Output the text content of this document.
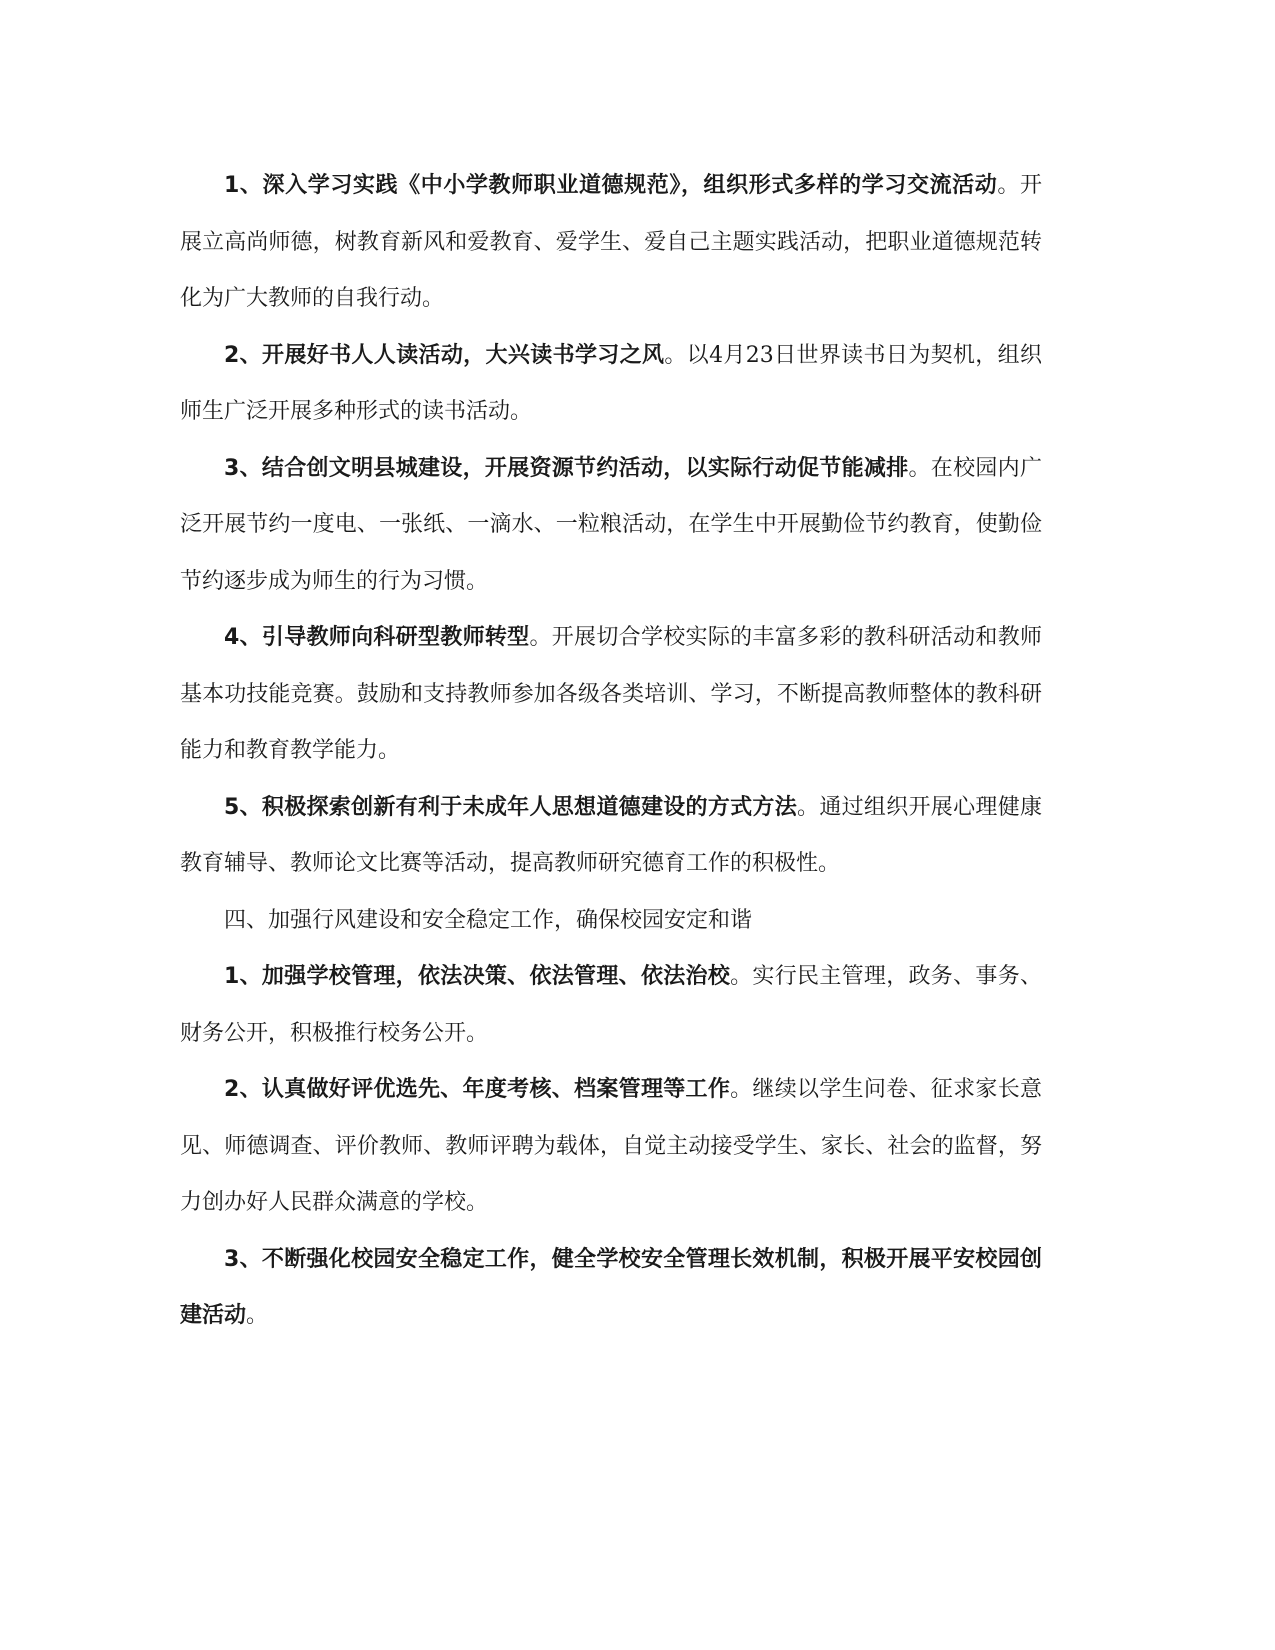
1、深入学习实践《中小学教师职业道德规范》，组织形式多样的学习交流活动。开展立高尚师德，树教育新风和爱教育、爱学生、爱自己主题实践活动，把职业道德规范转化为广大教师的自我行动。

2、开展好书人人读活动，大兴读书学习之风。以4月23日世界读书日为契机，组织师生广泛开展多种形式的读书活动。

3、结合创文明县城建设，开展资源节约活动，以实际行动促节能减排。在校园内广泛开展节约一度电、一张纸、一滴水、一粒粮活动，在学生中开展勤俭节约教育，使勤俭节约逐步成为师生的行为习惯。

4、引导教师向科研型教师转型。开展切合学校实际的丰富多彩的教科研活动和教师基本功技能竞赛。鼓励和支持教师参加各级各类培训、学习，不断提高教师整体的教科研能力和教育教学能力。

5、积极探索创新有利于未成年人思想道德建设的方式方法。通过组织开展心理健康教育辅导、教师论文比赛等活动，提高教师研究德育工作的积极性。

四、加强行风建设和安全稳定工作，确保校园安定和谐

1、加强学校管理，依法决策、依法管理、依法治校。实行民主管理，政务、事务、财务公开，积极推行校务公开。

2、认真做好评优选先、年度考核、档案管理等工作。继续以学生问卷、征求家长意见、师德调查、评价教师、教师评聘为载体，自觉主动接受学生、家长、社会的监督，努力创办好人民群众满意的学校。

3、不断强化校园安全稳定工作，健全学校安全管理长效机制，积极开展平安校园创建活动。
